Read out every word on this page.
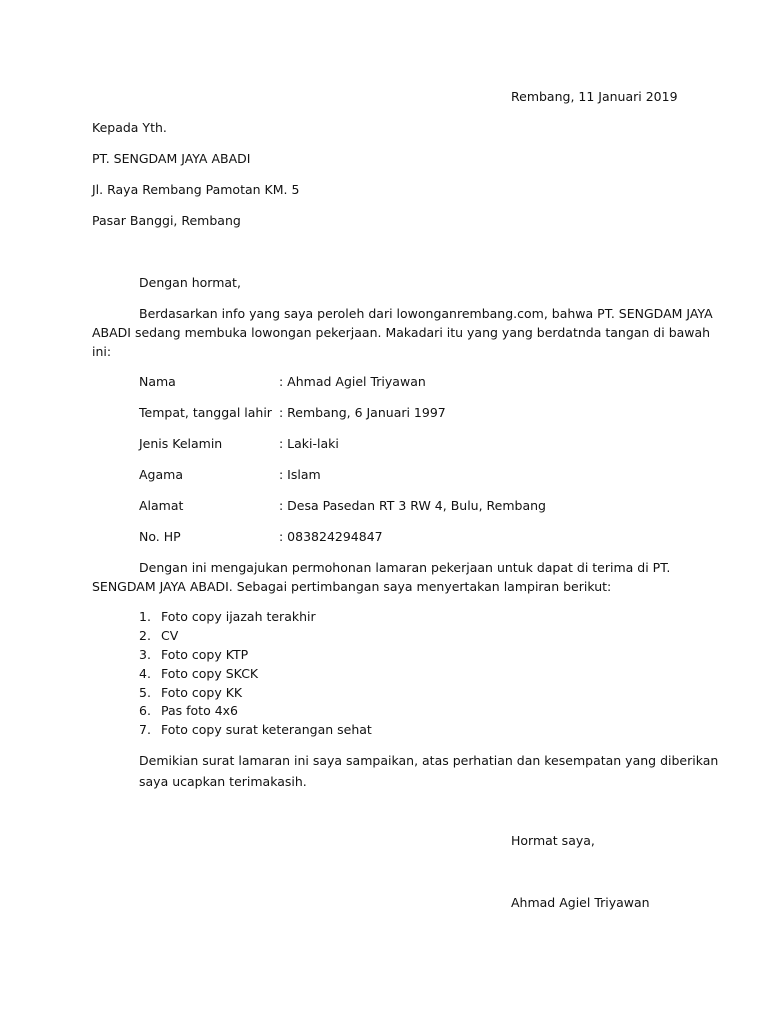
Rembang, 11 Januari 2019
Kepada Yth.
PT. SENGDAM JAYA ABADI
Jl. Raya Rembang Pamotan KM. 5
Pasar Banggi, Rembang
Dengan hormat,
Berdasarkan info yang saya peroleh dari lowonganrembang.com, bahwa PT. SENGDAM JAYA
ABADI sedang membuka lowongan pekerjaan. Makadari itu yang yang berdatnda tangan di bawah
ini:
Nama	: Ahmad Agiel Triyawan
Tempat, tanggal lahir : Rembang, 6 Januari 1997
Jenis Kelamin	: Laki-laki
Agama	: Islam
Alamat	: Desa Pasedan RT 3 RW 4, Bulu, Rembang
No. HP	: 083824294847
Dengan ini mengajukan permohonan lamaran pekerjaan untuk dapat di terima di PT.
SENGDAM JAYA ABADI. Sebagai pertimbangan saya menyertakan lampiran berikut:
1. Foto copy ijazah terakhir
2. CV
3. Foto copy KTP
4. Foto copy SKCK
5. Foto copy KK
6. Pas foto 4x6
7. Foto copy surat keterangan sehat
Demikian surat lamaran ini saya sampaikan, atas perhatian dan kesempatan yang diberikan
saya ucapkan terimakasih.
Hormat saya,
Ahmad Agiel Triyawan
